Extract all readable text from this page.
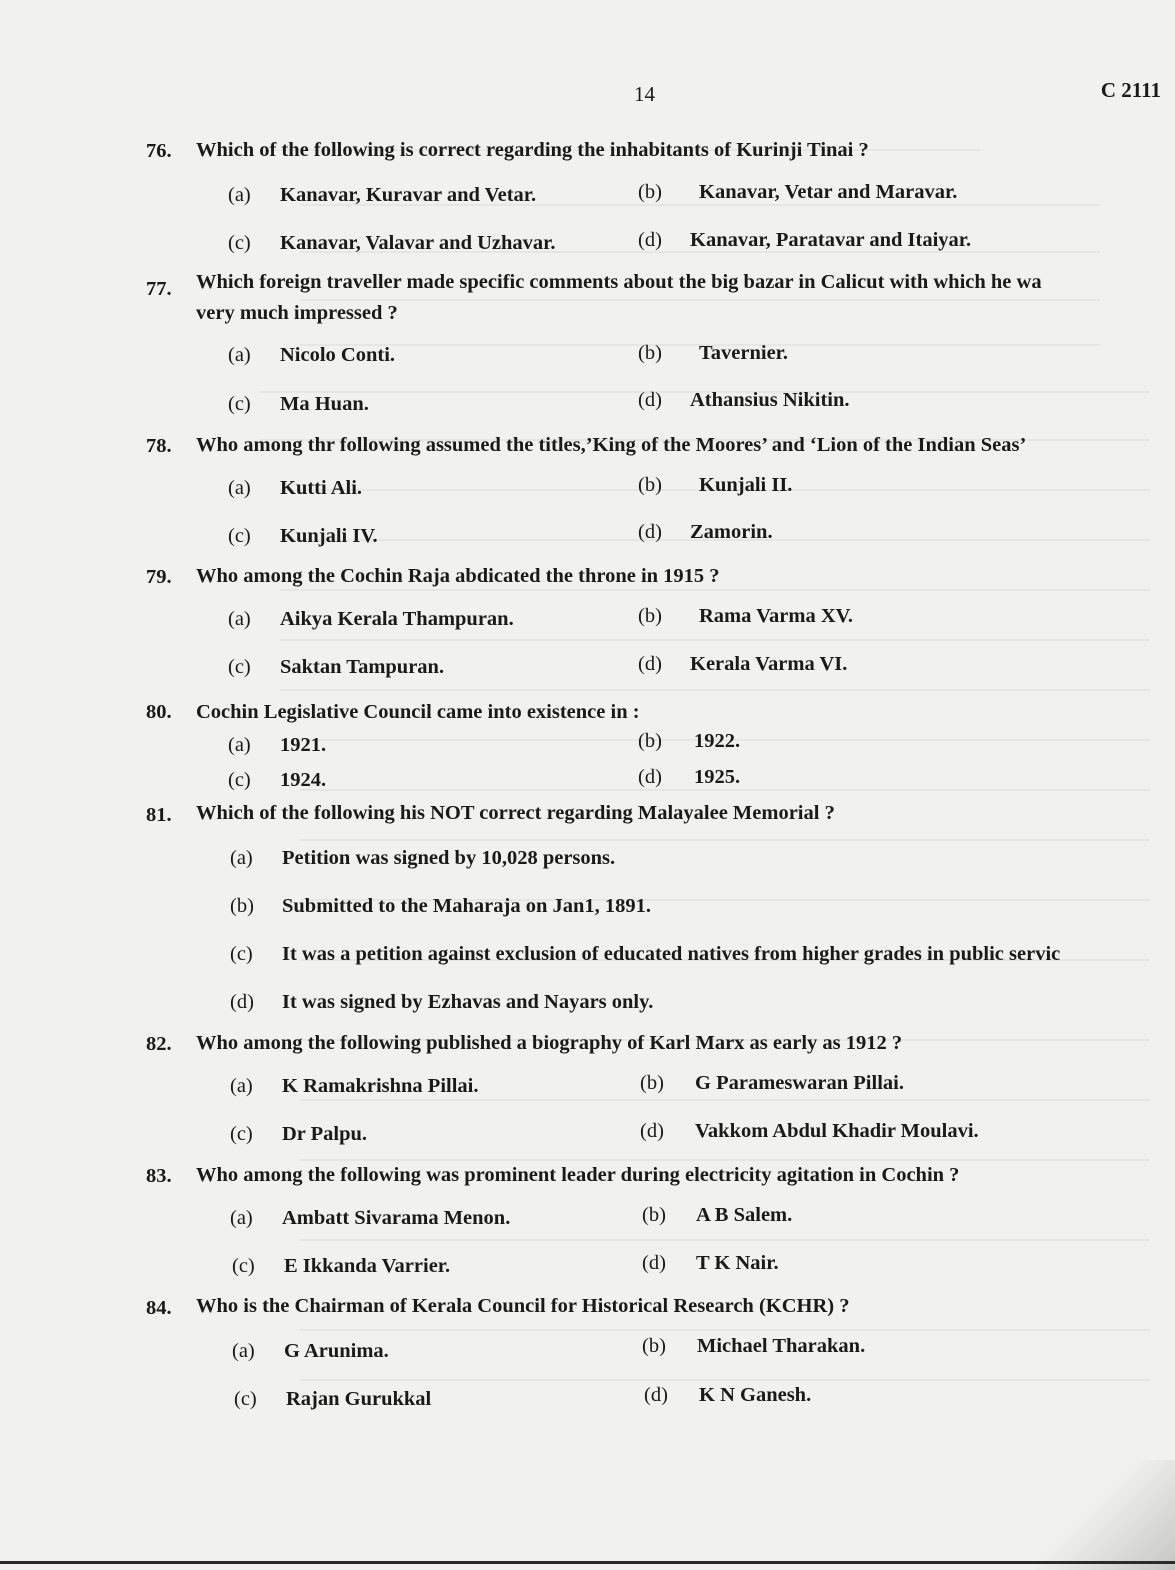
14	C 2111
76. Which of the following is correct regarding the inhabitants of Kurinji Tinai ?
(a) Kanavar, Kuravar and Vetar.	(b) Kanavar, Vetar and Maravar.
(c) Kanavar, Valavar and Uzhavar.	(d) Kanavar, Paratavar and Itaiyar.
77. Which foreign traveller made specific comments about the big bazar in Calicut with which he wa
very much impressed ?
(a) Nicolo Conti.	(b) Tavernier.
(c) Ma Huan.	(d) Athansius Nikitin.
78. Who among thr following assumed the titles,’King of the Moores’ and ‘Lion of the Indian Seas’
(a) Kutti Ali.	(b) Kunjali II.
(c) Kunjali IV.	(d) Zamorin.
79. Who among the Cochin Raja abdicated the throne in 1915 ?
(a) Aikya Kerala Thampuran.	(b) Rama Varma XV.
(c) Saktan Tampuran.	(d) Kerala Varma VI.
80. Cochin Legislative Council came into existence in :
(a) 1921.	(b) 1922.
(c) 1924.	(d) 1925.
81. Which of the following his NOT correct regarding Malayalee Memorial ?
(a) Petition was signed by 10,028 persons.
(b) Submitted to the Maharaja on Jan1, 1891.
(c) It was a petition against exclusion of educated natives from higher grades in public servic
(d) It was signed by Ezhavas and Nayars only.
82. Who among the following published a biography of Karl Marx as early as 1912 ?
(a) K Ramakrishna Pillai.	(b) G Parameswaran Pillai.
(c) Dr Palpu.	(d) Vakkom Abdul Khadir Moulavi.
83. Who among the following was prominent leader during electricity agitation in Cochin ?
(a) Ambatt Sivarama Menon.	(b) A B Salem.
(c) E Ikkanda Varrier.	(d) T K Nair.
84. Who is the Chairman of Kerala Council for Historical Research (KCHR) ?
(a) G Arunima.	(b) Michael Tharakan.
(c) Rajan Gurukkal	(d) K N Ganesh.
